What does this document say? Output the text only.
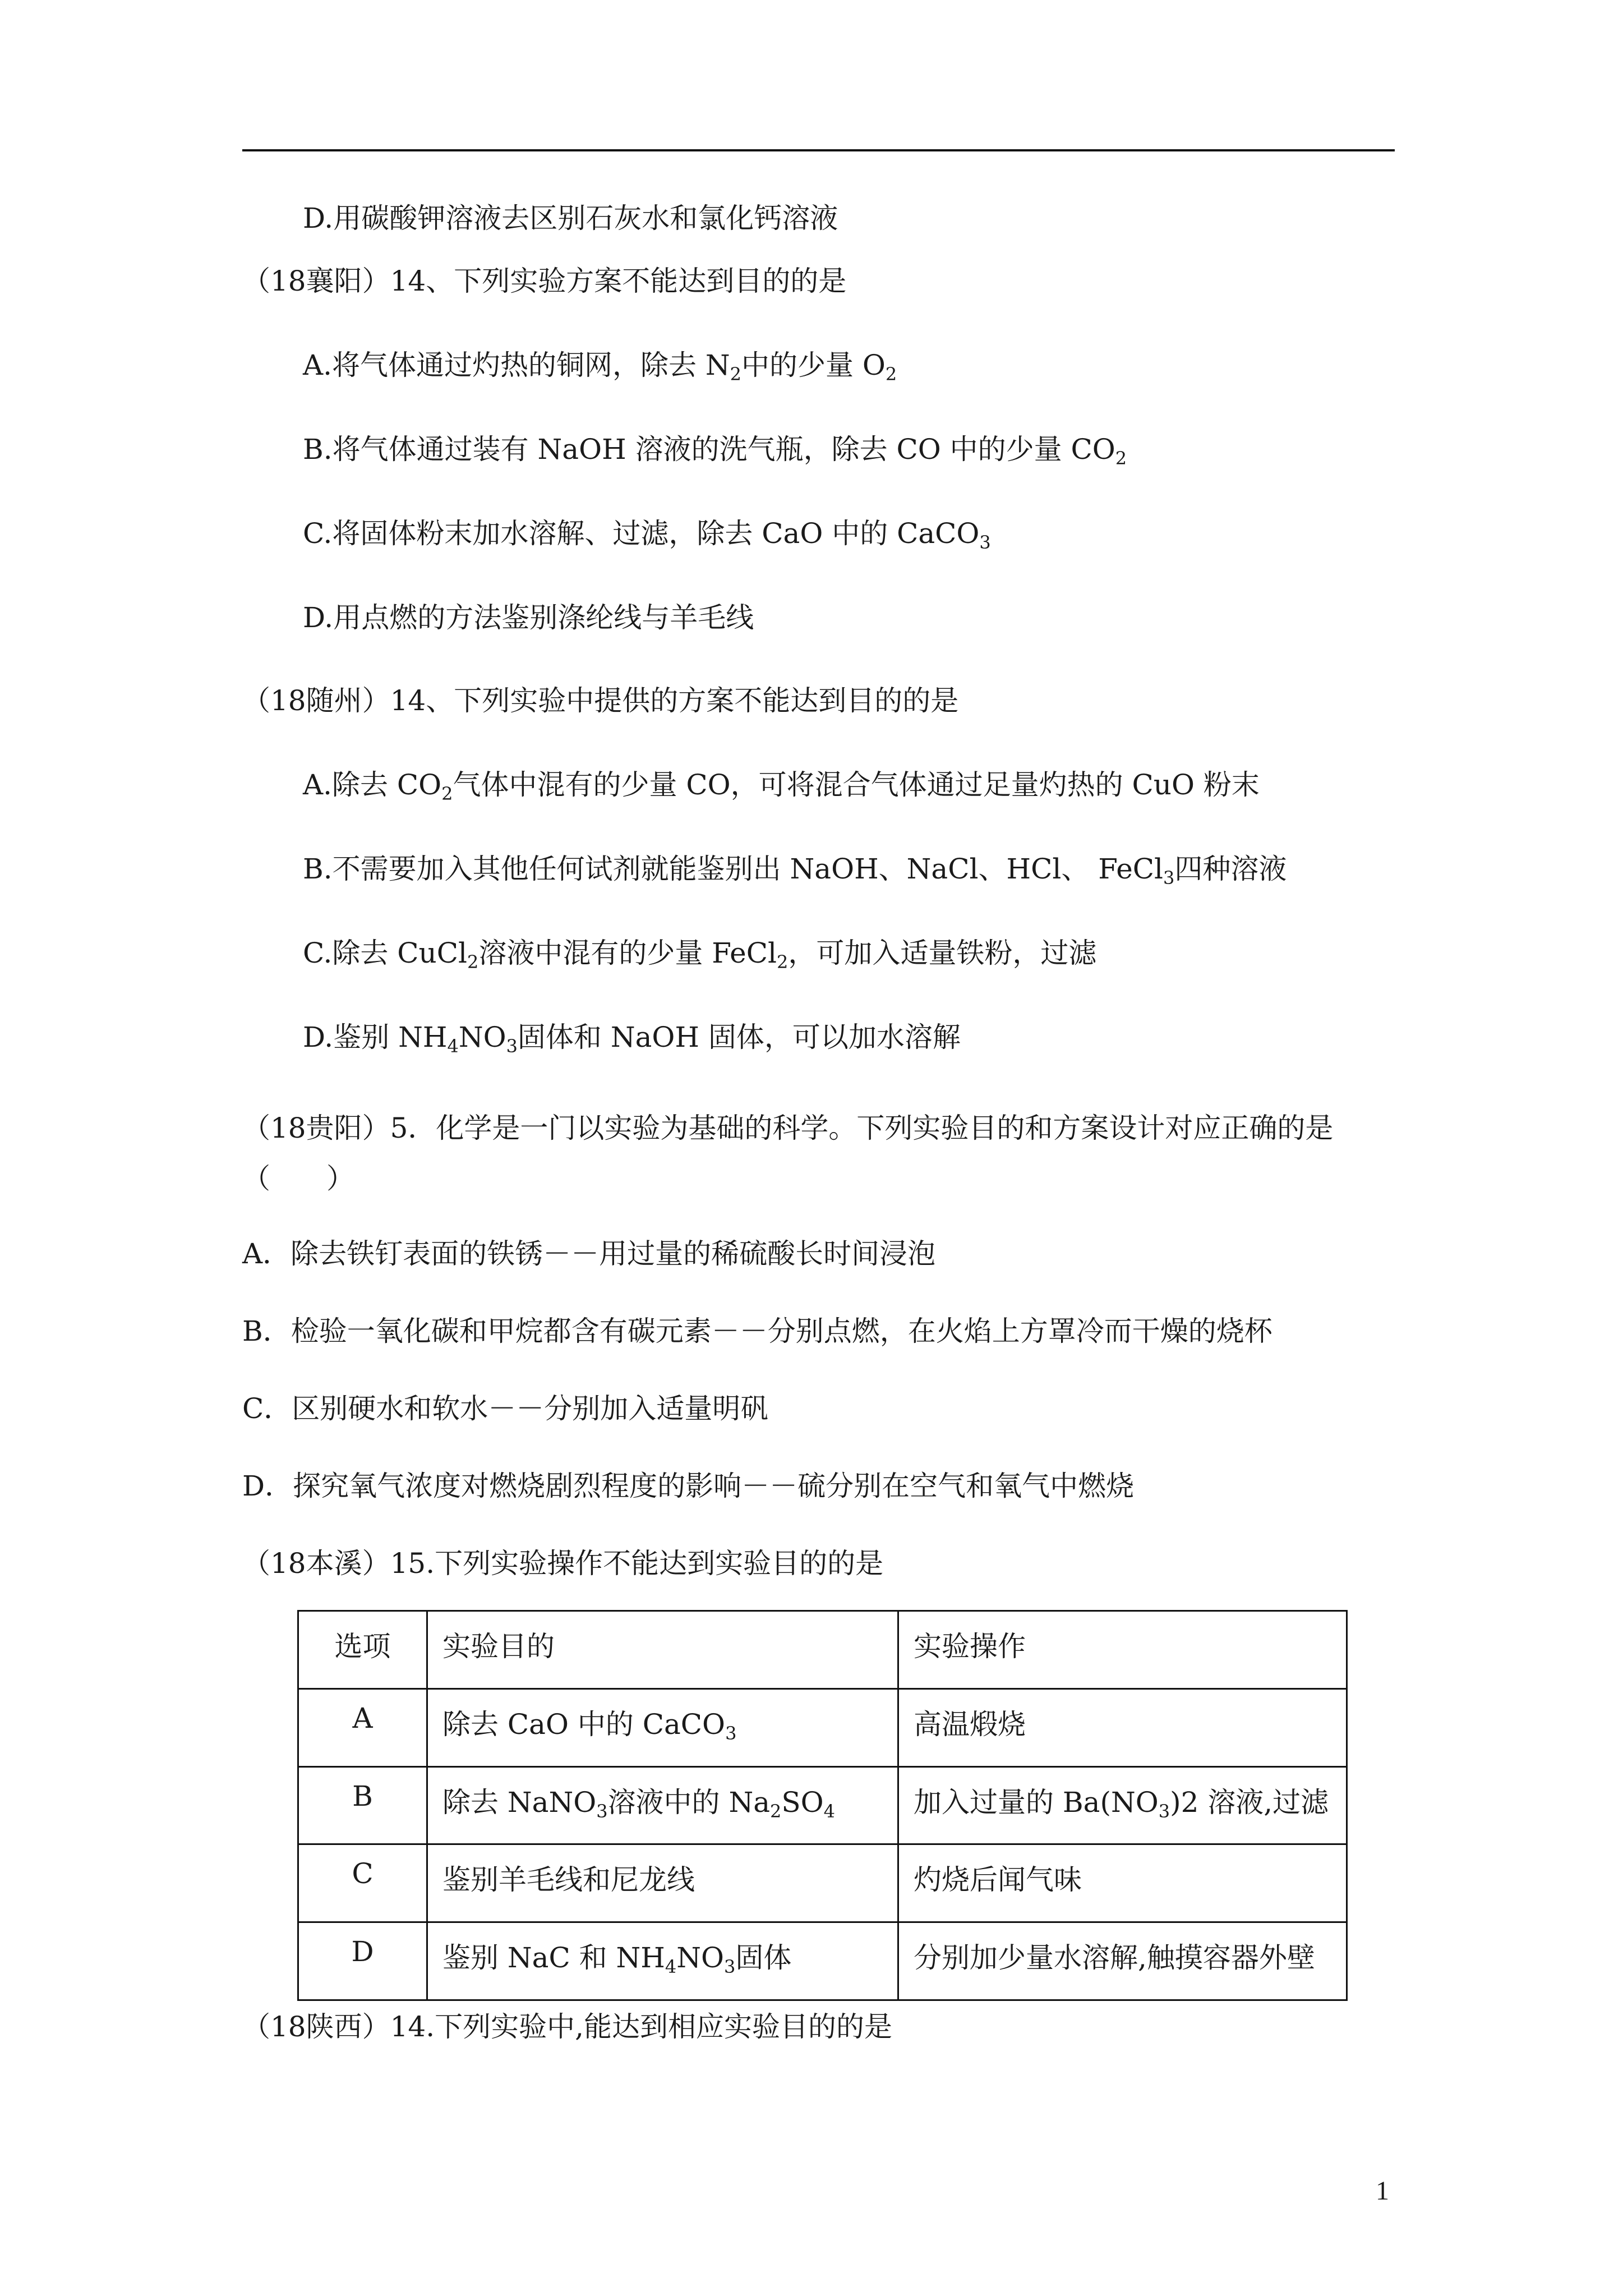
D.用碳酸钾溶液去区别石灰水和氯化钙溶液
（18襄阳）14、下列实验方案不能达到目的的是
A.将气体通过灼热的铜网，除去 $N_2$中的少量 $O_2$
B.将气体通过装有 NaOH 溶液的洗气瓶，除去 CO 中的少量 $CO_2$
C.将固体粉末加水溶解、过滤，除去 CaO 中的 CaCO$_3$
D.用点燃的方法鉴别涤纶线与羊毛线
（18随州）14、下列实验中提供的方案不能达到目的的是
A.除去 $CO_2$气体中混有的少量 CO，可将混合气体通过足量灼热的 CuO 粉末
B.不需要加入其他任何试剂就能鉴别出 NaOH、NaCl、HCl、 FeCl$_3$四种溶液
C.除去 CuCl$_2$溶液中混有的少量 FeCl$_2$，可加入适量铁粉，过滤
D.鉴别 $NH_4NO_3$固体和 NaOH 固体，可以加水溶解
（18贵阳）5．化学是一门以实验为基础的科学。下列实验目的和方案设计对应正确的是
（　　）
A．除去铁钉表面的铁锈－－用过量的稀硫酸长时间浸泡
B．检验一氧化碳和甲烷都含有碳元素－－分别点燃，在火焰上方罩冷而干燥的烧杯
C．区别硬水和软水－－分别加入适量明矾
D．探究氧气浓度对燃烧剧烈程度的影响－－硫分别在空气和氧气中燃烧
（18本溪）15.下列实验操作不能达到实验目的的是
选项	实验目的	实验操作
A	除去 CaO 中的 CaCO$_3$	高温煅烧
B	除去 NaNO$_3$溶液中的 $Na_2SO_4$	加入过量的 $Ba(NO_3)2$ 溶液,过滤
C	鉴别羊毛线和尼龙线	灼烧后闻气味
D	鉴别 NaC 和 $NH_4NO_3$固体	分别加少量水溶解,触摸容器外壁
（18陕西）14.下列实验中,能达到相应实验目的的是
1
